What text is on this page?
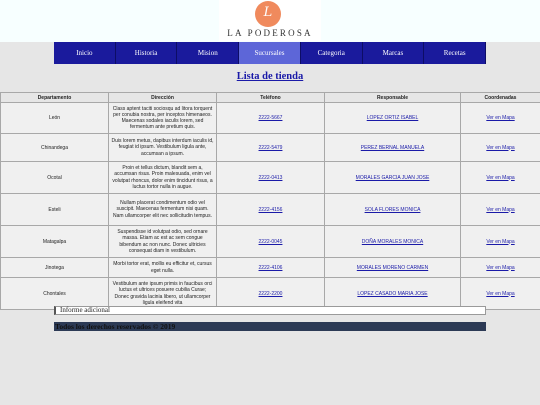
L
LA PODEROSA
Inicio	Historia	Mision	Sucursales	Categoria	Marcas	Recetas
Lista de tienda
Departamento	Dirección	Teléfono	Responsable	Coordenadas
León	Class aptent taciti sociosqu ad litora torquent per conubia nostra, per inceptos himenaeos. Maecenas sodales iaculis lorem, sed fermentum ante pretium quis.	2222-5667	LOPEZ ORTIZ ISABEL	Ver en Mapa
Chinandega	Duis lorem metus, dapibus interdum iaculis id, feugiat id ipsum. Vestibulum ligula ante, accumsan a ipsum.	2222-5479	PEREZ BERNAL MANUELA	Ver en Mapa
Ocotal	Proin et tellus dictum, blandit sem a, accumsan risus. Proin malesuada, enim vel volutpat rhoncus, dolor enim tincidunt risus, a luctus tortor nulla in augue.	2222-0413	MORALES GARCIA JUAN JOSE	Ver en Mapa
Esteli	Nullam placerat condimentum odio vel suscipit. Maecenas fermentum nisi quam. Nam ullamcorper elit nec sollicitudin tempus.	2222-4156	SOLA FLORES MONICA	Ver en Mapa
Matagalpa	Suspendisse id volutpat odio, sed ornare massa. Etiam ac est ac sem congue bibendum ac non nunc. Donec ultricies consequat diam in vestibulum.	2222-0045	DOÑA MORALES MONICA	Ver en Mapa
Jinotega	Morbi tortor erat, mollis eu efficitur et, cursus eget nulla.	2222-4106	MORALES MORENO CARMEN	Ver en Mapa
Chontales	Vestibulum ante ipsum primis in faucibus orci luctus et ultrices posuere cubilia Curae; Donec gravida lacinia libero, ut ullamcorper ligula eleifend vita	2222-2200	LOPEZ CASADO MARIA JOSE	Ver en Mapa
Informe adicional
Todos los derechos reservados © 2019
